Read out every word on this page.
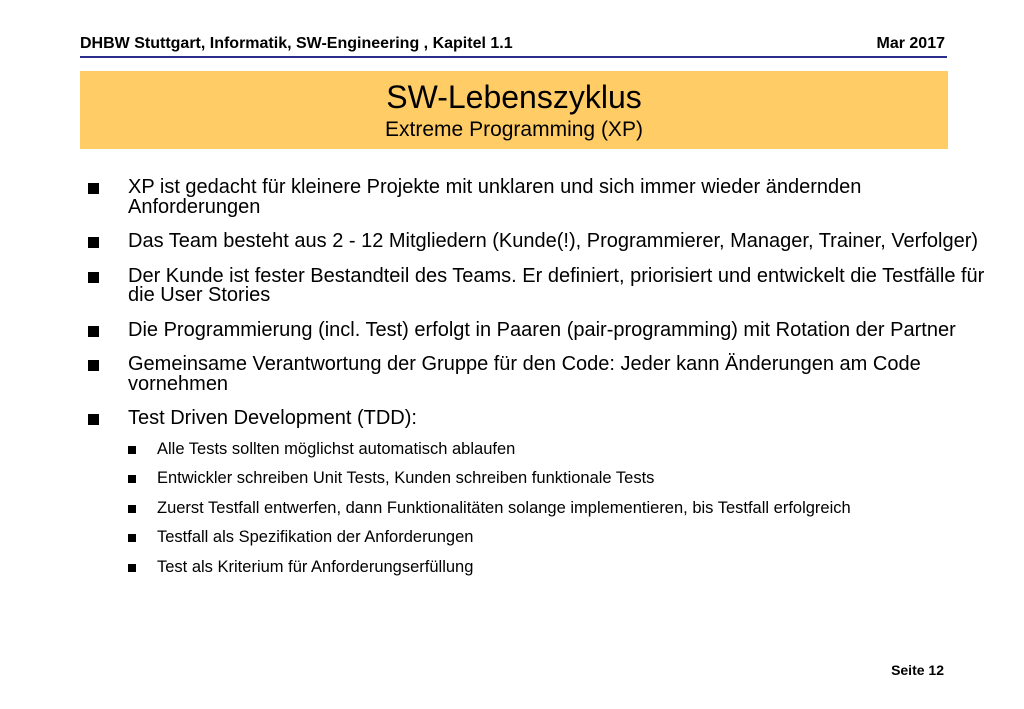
DHBW Stuttgart, Informatik, SW-Engineering , Kapitel 1.1	Mar 2017
SW-Lebenszyklus
Extreme Programming (XP)
XP ist gedacht für kleinere Projekte mit unklaren und sich immer wieder ändernden Anforderungen
Das Team besteht aus 2 - 12 Mitgliedern (Kunde(!), Programmierer, Manager, Trainer, Verfolger)
Der Kunde ist fester Bestandteil des Teams. Er definiert, priorisiert und entwickelt die Testfälle für die User Stories
Die Programmierung (incl. Test) erfolgt in Paaren (pair-programming) mit Rotation der Partner
Gemeinsame Verantwortung der Gruppe für den Code: Jeder kann Änderungen am Code vornehmen
Test Driven Development (TDD):
Alle Tests sollten möglichst automatisch ablaufen
Entwickler schreiben Unit Tests, Kunden schreiben funktionale Tests
Zuerst Testfall entwerfen, dann Funktionalitäten solange implementieren, bis Testfall erfolgreich
Testfall als Spezifikation der Anforderungen
Test als Kriterium für Anforderungserfüllung
Seite 12
